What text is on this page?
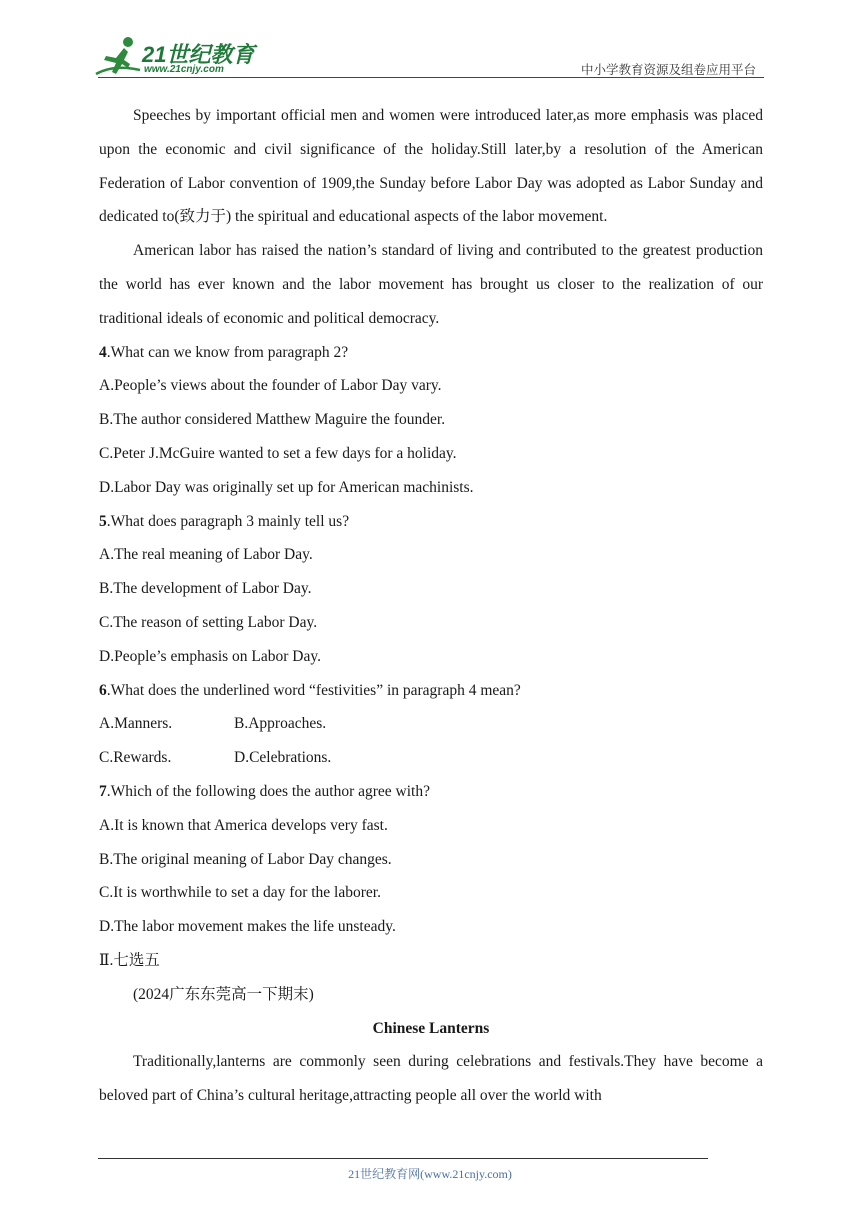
21世纪教育
www.21cnjy.com	中小学教育资源及组卷应用平台

Speeches by important official men and women were introduced later,as more emphasis was placed upon the economic and civil significance of the holiday.Still later,by a resolution of the American Federation of Labor convention of 1909,the Sunday before Labor Day was adopted as Labor Sunday and dedicated to(致力于) the spiritual and educational aspects of the labor movement.

American labor has raised the nation’s standard of living and contributed to the greatest production the world has ever known and the labor movement has brought us closer to the realization of our traditional ideals of economic and political democracy.

4.What can we know from paragraph 2?

A.People’s views about the founder of Labor Day vary.

B.The author considered Matthew Maguire the founder.

C.Peter J.McGuire wanted to set a few days for a holiday.

D.Labor Day was originally set up for American machinists.

5.What does paragraph 3 mainly tell us?

A.The real meaning of Labor Day.

B.The development of Labor Day.

C.The reason of setting Labor Day.

D.People’s emphasis on Labor Day.

6.What does the underlined word “festivities” in paragraph 4 mean?

A.Manners.	B.Approaches.
C.Rewards.	D.Celebrations.

7.Which of the following does the author agree with?

A.It is known that America develops very fast.

B.The original meaning of Labor Day changes.

C.It is worthwhile to set a day for the laborer.

D.The labor movement makes the life unsteady.

Ⅱ.七选五

(2024广东东莞高一下期末)

Chinese Lanterns

Traditionally,lanterns are commonly seen during celebrations and festivals.They have become a beloved part of China’s cultural heritage,attracting people all over the world with

21世纪教育网(www.21cnjy.com)
